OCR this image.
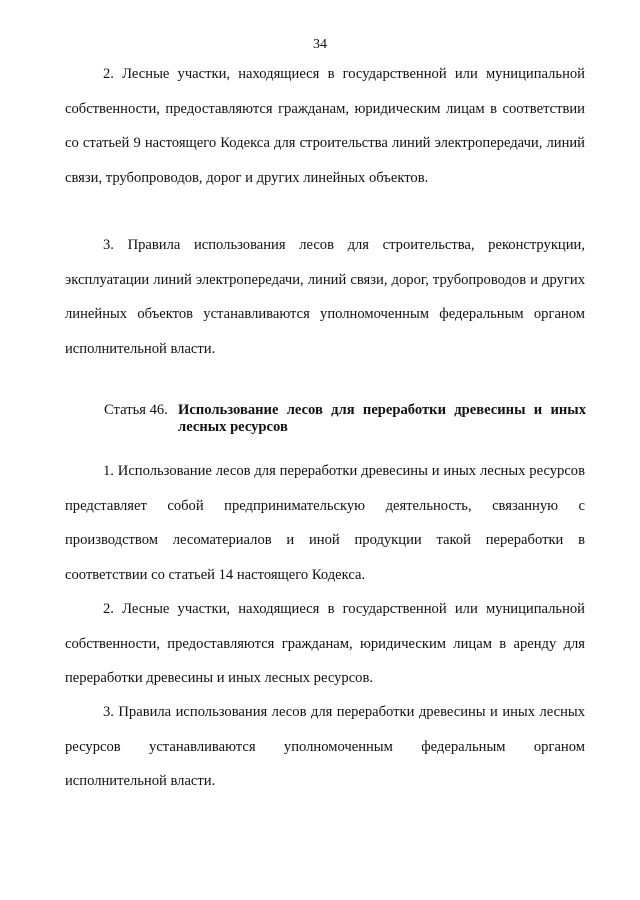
34

2. Лесные участки, находящиеся в государственной или муниципальной собственности, предоставляются гражданам, юридическим лицам в соответствии со статьей 9 настоящего Кодекса для строительства линий электропередачи, линий связи, трубопроводов, дорог и других линейных объектов.

3. Правила использования лесов для строительства, реконструкции, эксплуатации линий электропередачи, линий связи, дорог, трубопроводов и других линейных объектов устанавливаются уполномоченным федеральным органом исполнительной власти.

Статья 46. Использование лесов для переработки древесины и иных лесных ресурсов

1. Использование лесов для переработки древесины и иных лесных ресурсов представляет собой предпринимательскую деятельность, связанную с производством лесоматериалов и иной продукции такой переработки в соответствии со статьей 14 настоящего Кодекса.

2. Лесные участки, находящиеся в государственной или муниципальной собственности, предоставляются гражданам, юридическим лицам в аренду для переработки древесины и иных лесных ресурсов.

3. Правила использования лесов для переработки древесины и иных лесных ресурсов устанавливаются уполномоченным федеральным органом исполнительной власти.
